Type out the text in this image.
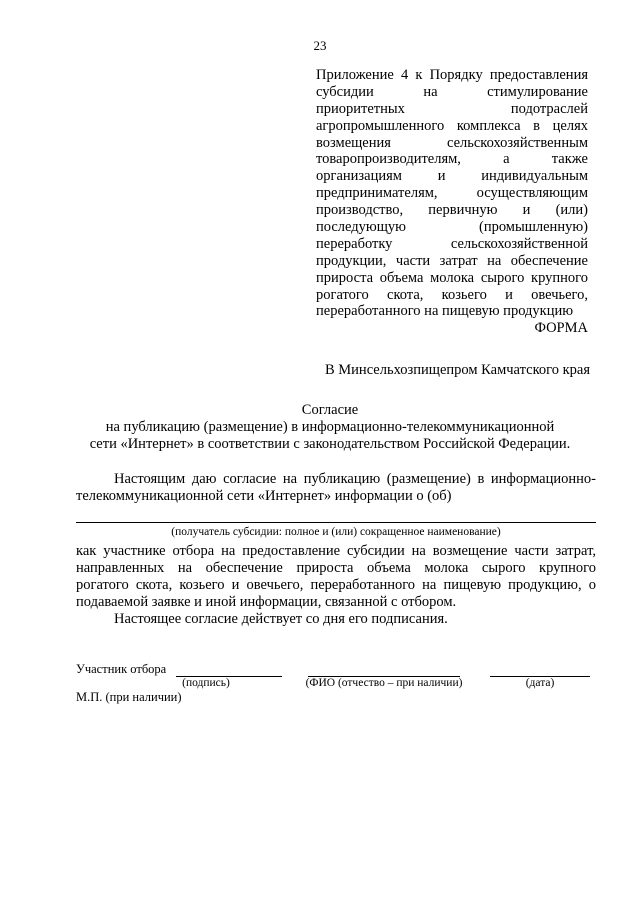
23
Приложение 4 к Порядку предоставления
субсидии на стимулирование
приоритетных подотраслей
агропромышленного комплекса в целях
возмещения сельскохозяйственным
товаропроизводителям, а также
организациям и индивидуальным
предпринимателям, осуществляющим
производство, первичную и (или)
последующую (промышленную)
переработку сельскохозяйственной
продукции, части затрат на обеспечение
прироста объема молока сырого крупного
рогатого скота, козьего и овечьего,
переработанного на пищевую продукцию
ФОРМА
В Минсельхозпищепром Камчатского края
Согласие
на публикацию (размещение) в информационно-телекоммуникационной
сети «Интернет» в соответствии с законодательством Российской Федерации.
Настоящим даю согласие на публикацию (размещение) в информационно-
телекоммуникационной сети «Интернет» информации о (об)
(получатель субсидии: полное и (или) сокращенное наименование)
как участнике отбора на предоставление субсидии на возмещение части затрат,
направленных на обеспечение прироста объема молока сырого крупного
рогатого скота, козьего и овечьего, переработанного на пищевую продукцию, о
подаваемой заявке и иной информации, связанной с отбором.
Настоящее согласие действует со дня его подписания.
Участник отбора
(подпись)	(ФИО (отчество – при наличии)	(дата)
М.П. (при наличии)
